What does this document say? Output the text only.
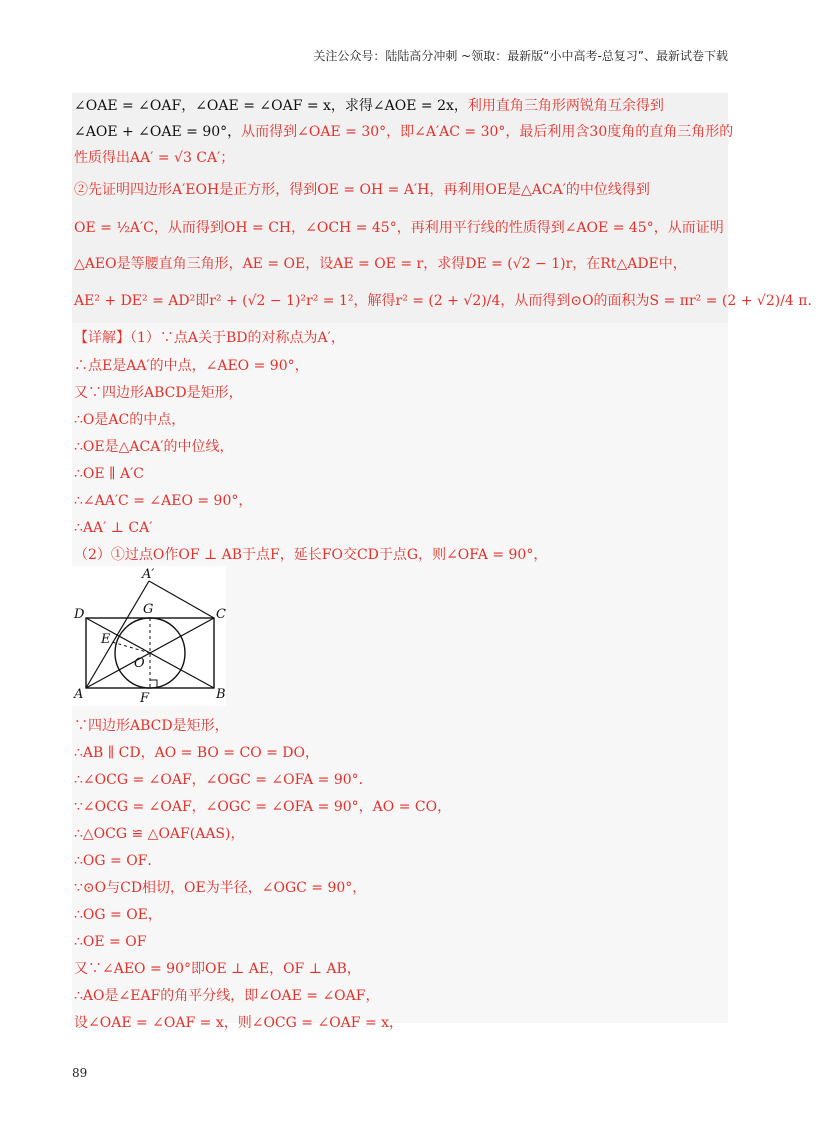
关注公众号：陆陆高分冲刺 ~领取：最新版“小中高考-总复习”、最新试卷下载
∠OAE = ∠OAF，∠OAE = ∠OAF = x，求得∠AOE = 2x，利用直角三角形两锐角互余得到
∠AOE + ∠OAE = 90°，从而得到∠OAE = 30°，即∠A′AC = 30°，最后利用含30度角的直角三角形的
性质得出AA′ = √3 CA′；
②先证明四边形A′EOH是正方形，得到OE = OH = A′H，再利用OE是△ACA′的中位线得到
OE = ½A′C，从而得到OH = CH，∠OCH = 45°，再利用平行线的性质得到∠AOE = 45°，从而证明
△AEO是等腰直角三角形，AE = OE，设AE = OE = r，求得DE = (√2 − 1)r，在Rt△ADE中，
AE² + DE² = AD²即r² + (√2 − 1)²r² = 1²，解得r² = (2 + √2)/4，从而得到⊙O的面积为S = πr² = (2 + √2)/4 π．
【详解】（1）∵点A关于BD的对称点为A′，
∴点E是AA′的中点，∠AEO = 90°，
又∵四边形ABCD是矩形，
∴O是AC的中点，
∴OE是△ACA′的中位线，
∴OE ∥ A′C
∴∠AA′C = ∠AEO = 90°，
∴AA′ ⊥ CA′
（2）①过点O作OF ⊥ AB于点F，延长FO交CD于点G，则∠OFA = 90°，
A′
D	G	C
E
O
A	F	B
∵四边形ABCD是矩形，
∴AB ∥ CD，AO = BO = CO = DO，
∴∠OCG = ∠OAF，∠OGC = ∠OFA = 90°．
∵∠OCG = ∠OAF，∠OGC = ∠OFA = 90°，AO = CO，
∴△OCG ≌ △OAF(AAS)，
∴OG = OF．
∵⊙O与CD相切，OE为半径，∠OGC = 90°，
∴OG = OE，
∴OE = OF
又∵∠AEO = 90°即OE ⊥ AE，OF ⊥ AB，
∴AO是∠EAF的角平分线，即∠OAE = ∠OAF，
设∠OAE = ∠OAF = x，则∠OCG = ∠OAF = x，
89
